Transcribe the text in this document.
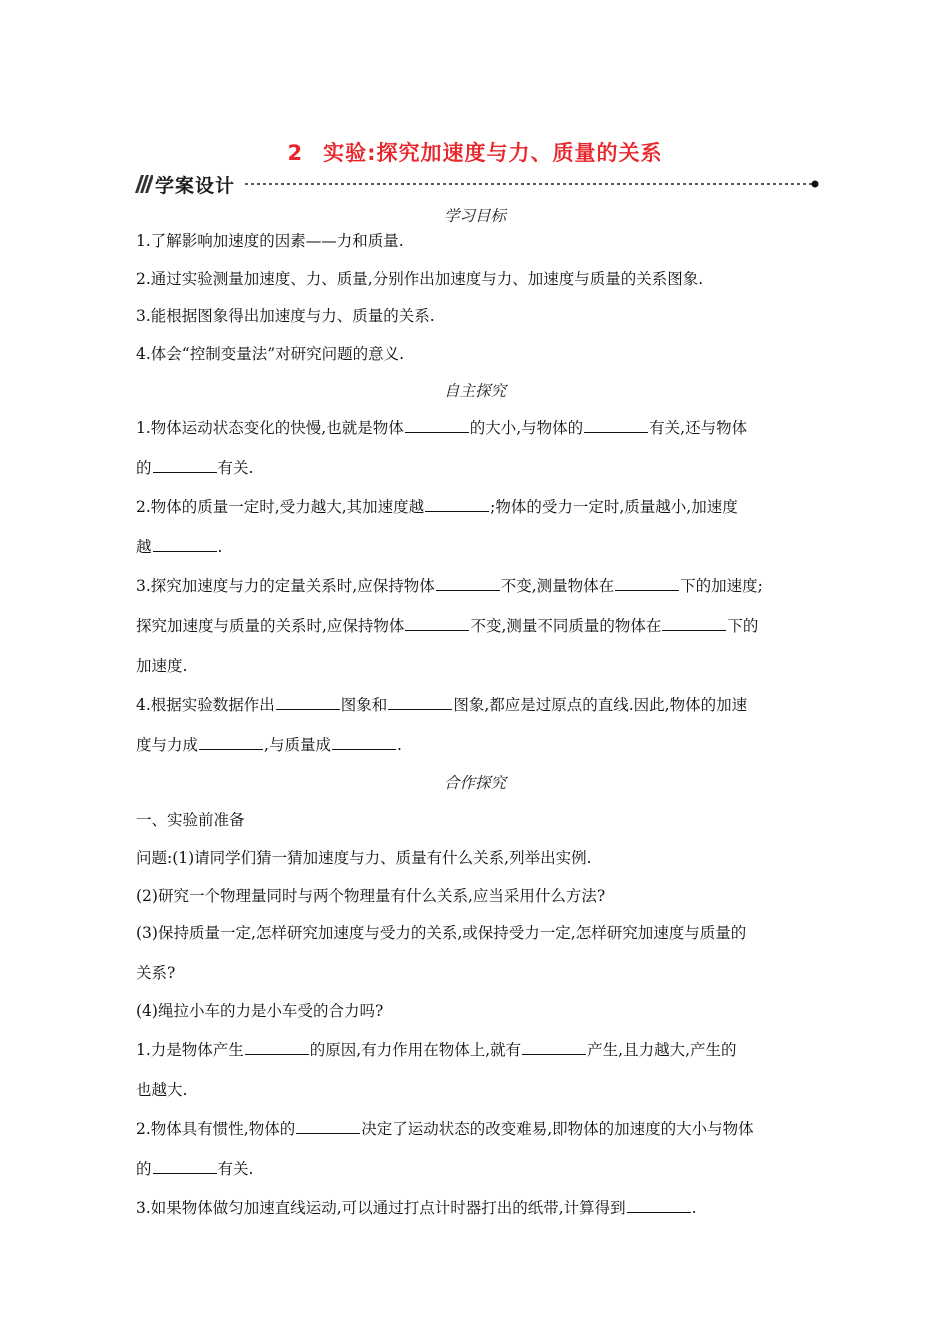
2 实验:探究加速度与力、质量的关系
学案设计
学习目标
1.了解影响加速度的因素——力和质量.
2.通过实验测量加速度、力、质量,分别作出加速度与力、加速度与质量的关系图象.
3.能根据图象得出加速度与力、质量的关系.
4.体会“控制变量法”对研究问题的意义.
自主探究
1.物体运动状态变化的快慢,也就是物体	的大小,与物体的	有关,还与物体
的	有关.
2.物体的质量一定时,受力越大,其加速度越	;物体的受力一定时,质量越小,加速度
越	.
3.探究加速度与力的定量关系时,应保持物体	不变,测量物体在	下的加速度;
探究加速度与质量的关系时,应保持物体	不变,测量不同质量的物体在	下的
加速度.
4.根据实验数据作出	图象和	图象,都应是过原点的直线.因此,物体的加速
度与力成	,与质量成	.
合作探究
一、实验前准备
问题:(1)请同学们猜一猜加速度与力、质量有什么关系,列举出实例.
(2)研究一个物理量同时与两个物理量有什么关系,应当采用什么方法?
(3)保持质量一定,怎样研究加速度与受力的关系,或保持受力一定,怎样研究加速度与质量的
关系?
(4)绳拉小车的力是小车受的合力吗?
1.力是物体产生	的原因,有力作用在物体上,就有	产生,且力越大,产生的
也越大.
2.物体具有惯性,物体的	决定了运动状态的改变难易,即物体的加速度的大小与物体
的	有关.
3.如果物体做匀加速直线运动,可以通过打点计时器打出的纸带,计算得到	.
